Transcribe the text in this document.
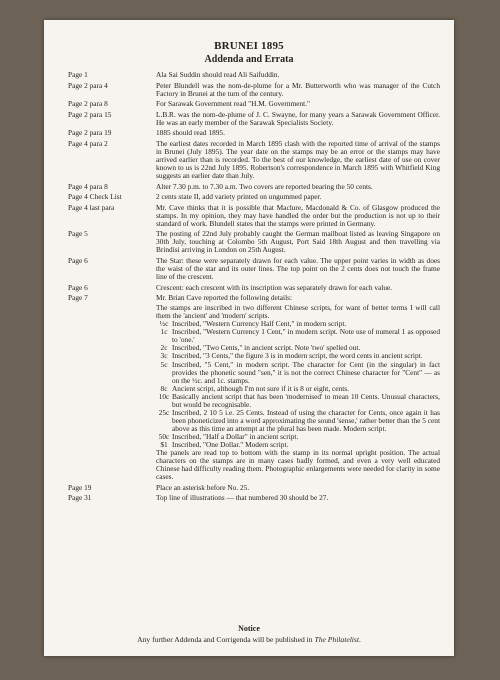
BRUNEI 1895
Addenda and Errata
Page 1	Ala Sai Suddin should read Ali Saifuddin.
Page 2 para 4	Peter Blundell was the nom-de-plume for a Mr. Butterworth who was manager of the Cutch Factory in Brunei at the turn of the century.
Page 2 para 8	For Sarawak Government read "H.M. Government."
Page 2 para 15	L.B.R. was the nom-de-plume of J. C. Swayne, for many years a Sarawak Government Officer. He was an early member of the Sarawak Specialists Society.
Page 2 para 19	1885 should read 1895.
Page 4 para 2	The earliest dates recorded in March 1895 clash with the reported time of arrival of the stamps in Brunei (July 1895). The year date on the stamps may be an error or the stamps may have arrived earlier than is recorded. To the best of our knowledge, the earliest date of use on cover known to us is 22nd July 1895. Robertson's correspondence in March 1895 with Whitfield King suggests an earlier date than July.
Page 4 para 8	Alter 7.30 p.m. to 7.30 a.m. Two covers are reported bearing the 50 cents.
Page 4 Check List	2 cents state II, add variety printed on ungummed paper.
Page 4 last para	Mr. Cave thinks that it is possible that Maclure, Macdonald & Co. of Glasgow produced the stamps. In my opinion, they may have handled the order but the production is not up to their standard of work. Blundell states that the stamps were printed in Germany.
Page 5	The posting of 22nd July probably caught the German mailboat listed as leaving Singapore on 30th July, touching at Colombo 5th August, Port Said 18th August and then travelling via Brindisi arriving in London on 25th August.
Page 6	The Star: these were separately drawn for each value. The upper point varies in width as does the waist of the star and its outer lines. The top point on the 2 cents does not touch the frame line of the crescent.
Page 6	Crescent: each crescent with its inscription was separately drawn for each value.
Page 7	Mr. Brian Cave reported the following details:

The stamps are inscribed in two different Chinese scripts, for want of better terms I will call them the 'ancient' and 'modern' scripts.

½c Inscribed, "Western Currency Half Cent," in modern script.
1c Inscribed, "Western Currency 1 Cent," in modern script. Note use of numeral 1 as opposed to 'one.'
2c Inscribed, "Two Cents," in ancient script. Note 'two' spelled out.
3c Inscribed, "3 Cents," the figure 3 is in modern script, the word cents in ancient script.
5c Inscribed, "5 Cent," in modern script. The character for Cent (in the singular) in fact provides the phonetic sound "sen," it is not the correct Chinese character for "Cent" — as on the ½c. and 1c. stamps.
8c Ancient script, although I'm not sure if it is 8 or eight, cents.
10c Basically ancient script that has been 'modernised' to mean 10 Cents. Unusual characters, but would be recognisable.
25c Inscribed, 2 10 5 i.e. 25 Cents. Instead of using the character for Cents, once again it has been phoneticized into a word approximating the sound 'sense,' rather better than the 5 cent above as this time an attempt at the plural has been made. Modern script.
50c Inscribed, "Half a Dollar" in ancient script.
$1 Inscribed, "One Dollar." Modern script.

The panels are read top to bottom with the stamp in its normal upright position. The actual characters on the stamps are in many cases badly formed, and even a very well educated Chinese had difficulty reading them. Photographic enlargements were needed for clarity in some cases.

Page 19	Place an asterisk before No. 25.
Page 31	Top line of illustrations — that numbered 30 should be 27.
Notice
Any further Addenda and Corrigenda will be published in The Philatelist.
